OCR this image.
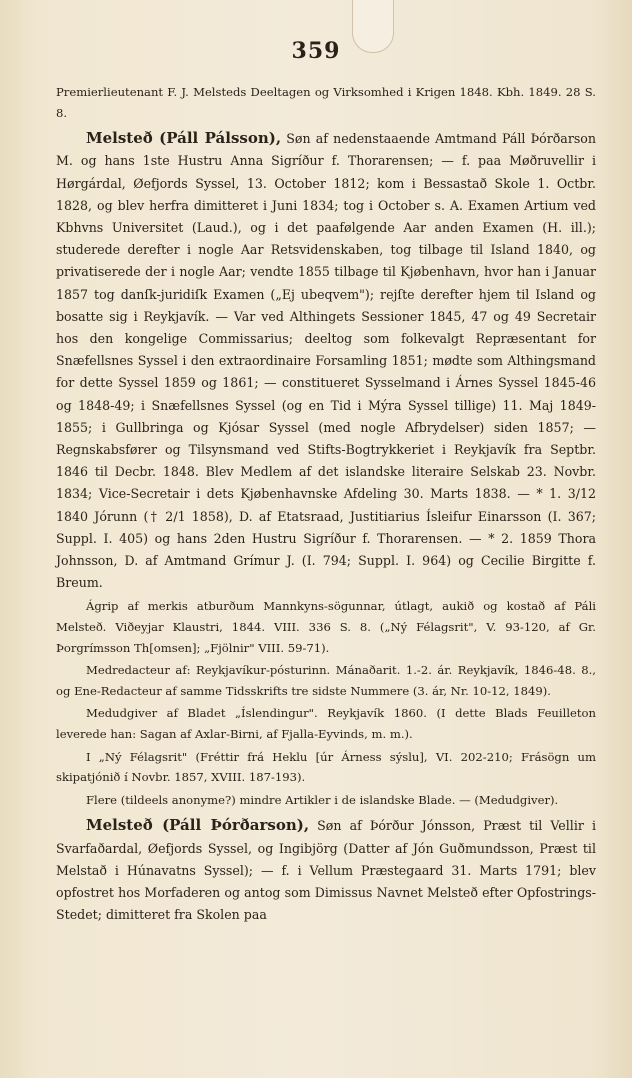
359

Premierlieutenant F. J. Melsteds Deeltagen og Virksomhed i Krigen 1848. Kbh. 1849. 28 S. 8.

Melsteð (Páll Pálsson), Søn af nedenstaaende Amtmand Páll Þórðarson M. og hans 1ste Hustru Anna Sigríður f. Thorarensen; — f. paa Møðruvellir i Hørgárdal, Øefjords Syssel, 13. October 1812; kom i Bessastað Skole 1. Octbr. 1828, og blev herfra dimitteret i Juni 1834; tog i October s. A. Examen Artium ved Kbhvns Universitet (Laud.), og i det paafølgende Aar anden Examen (H. ill.); studerede derefter i nogle Aar Retsvidenskaben, tog tilbage til Island 1840, og privatiserede der i nogle Aar; vendte 1855 tilbage til Kjøbenhavn, hvor han i Januar 1857 tog danſk-juridiſk Examen („Ej ubeqvem"); rejſte derefter hjem til Island og bosatte sig i Reykjavík. — Var ved Althingets Sessioner 1845, 47 og 49 Secretair hos den kongelige Commissarius; deeltog som folkevalgt Repræsentant for Snæfellsnes Syssel i den extraordinaire Forsamling 1851; mødte som Althingsmand for dette Syssel 1859 og 1861; — constitueret Sysselmand i Árnes Syssel 1845-46 og 1848-49; i Snæfellsnes Syssel (og en Tid i Mýra Syssel tillige) 11. Maj 1849-1855; i Gullbringa og Kjósar Syssel (med nogle Afbrydelser) siden 1857; — Regnskabsfører og Tilsynsmand ved Stifts-Bogtrykkeriet i Reykjavík fra Septbr. 1846 til Decbr. 1848. Blev Medlem af det islandske literaire Selskab 23. Novbr. 1834; Vice-Secretair i dets Kjøbenhavnske Afdeling 30. Marts 1838. — * 1. 3/12 1840 Jórunn († 2/1 1858), D. af Etatsraad, Justitiarius Ísleifur Einarsson (I. 367; Suppl. I. 405) og hans 2den Hustru Sigríður f. Thorarensen. — * 2. 1859 Thora Johnsson, D. af Amtmand Grímur J. (I. 794; Suppl. I. 964) og Cecilie Birgitte f. Breum.

Ágrip af merkis atburðum Mannkyns-sögunnar, útlagt, aukið og kostað af Páli Melsteð. Viðeyjar Klaustri, 1844. VIII. 336 S. 8. („Ný Félagsrit", V. 93-120, af Gr. Þorgrímsson Th[omsen]; „Fjölnir" VIII. 59-71).

Medredacteur af: Reykjavíkur-pósturinn. Mánaðarit. 1.-2. ár. Reykjavík, 1846-48. 8., og Ene-Redacteur af samme Tidsskrifts tre sidste Nummere (3. ár, Nr. 10-12, 1849).

Medudgiver af Bladet „Íslendingur". Reykjavík 1860. (I dette Blads Feuilleton leverede han: Sagan af Axlar-Birni, af Fjalla-Eyvinds, m. m.).

I „Ný Félagsrit" (Fréttir frá Heklu [úr Árness sýslu], VI. 202-210; Frásögn um skipatjónið í Novbr. 1857, XVIII. 187-193).

Flere (tildeels anonyme?) mindre Artikler i de islandske Blade. — (Medudgiver).

Melsteð (Páll Þórðarson), Søn af Þórður Jónsson, Præst til Vellir i Svarfaðardal, Øefjords Syssel, og Ingibjörg (Datter af Jón Guðmundsson, Præst til Melstað i Húnavatns Syssel); — f. i Vellum Præstegaard 31. Marts 1791; blev opfostret hos Morfaderen og antog som Dimissus Navnet Melsteð efter Opfostrings-Stedet; dimitteret fra Skolen paa
